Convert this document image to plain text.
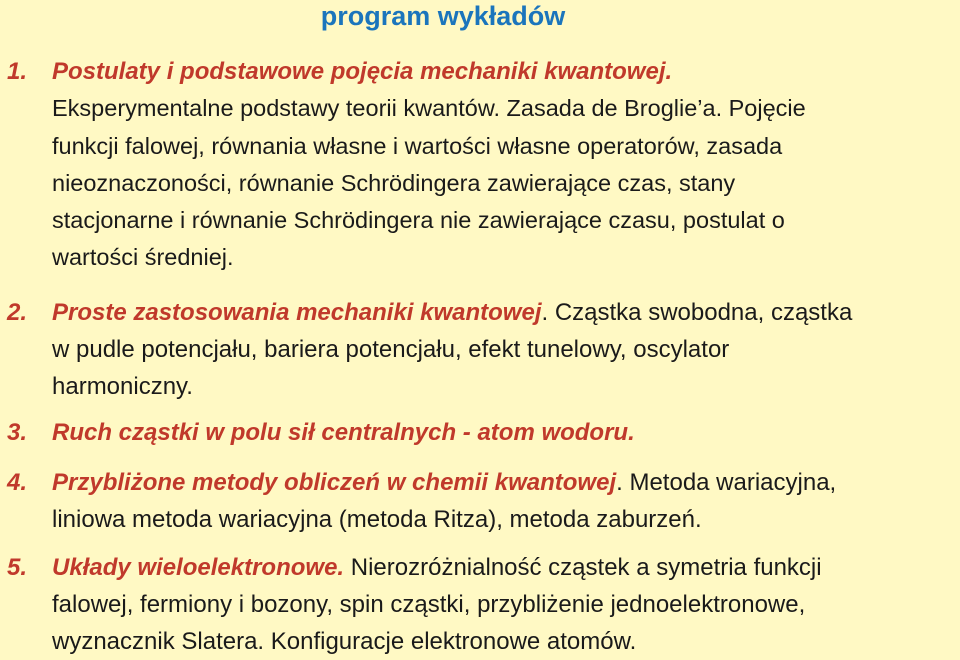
program wykładów
1. Postulaty i podstawowe pojęcia mechaniki kwantowej.
Eksperymentalne podstawy teorii kwantów. Zasada de Broglie’a. Pojęcie
funkcji falowej, równania własne i wartości własne operatorów, zasada
nieoznaczoności, równanie Schrödingera zawierające czas, stany
stacjonarne i równanie Schrödingera nie zawierające czasu, postulat o
wartości średniej.
2. Proste zastosowania mechaniki kwantowej. Cząstka swobodna, cząstka
w pudle potencjału, bariera potencjału, efekt tunelowy, oscylator
harmoniczny.
3. Ruch cząstki w polu sił centralnych - atom wodoru.
4. Przybliżone metody obliczeń w chemii kwantowej. Metoda wariacyjna,
liniowa metoda wariacyjna (metoda Ritza), metoda zaburzeń.
5. Układy wieloelektronowe. Nierozróżnialność cząstek a symetria funkcji
falowej, fermiony i bozony, spin cząstki, przybliżenie jednoelektronowe,
wyznacznik Slatera. Konfiguracje elektronowe atomów.
